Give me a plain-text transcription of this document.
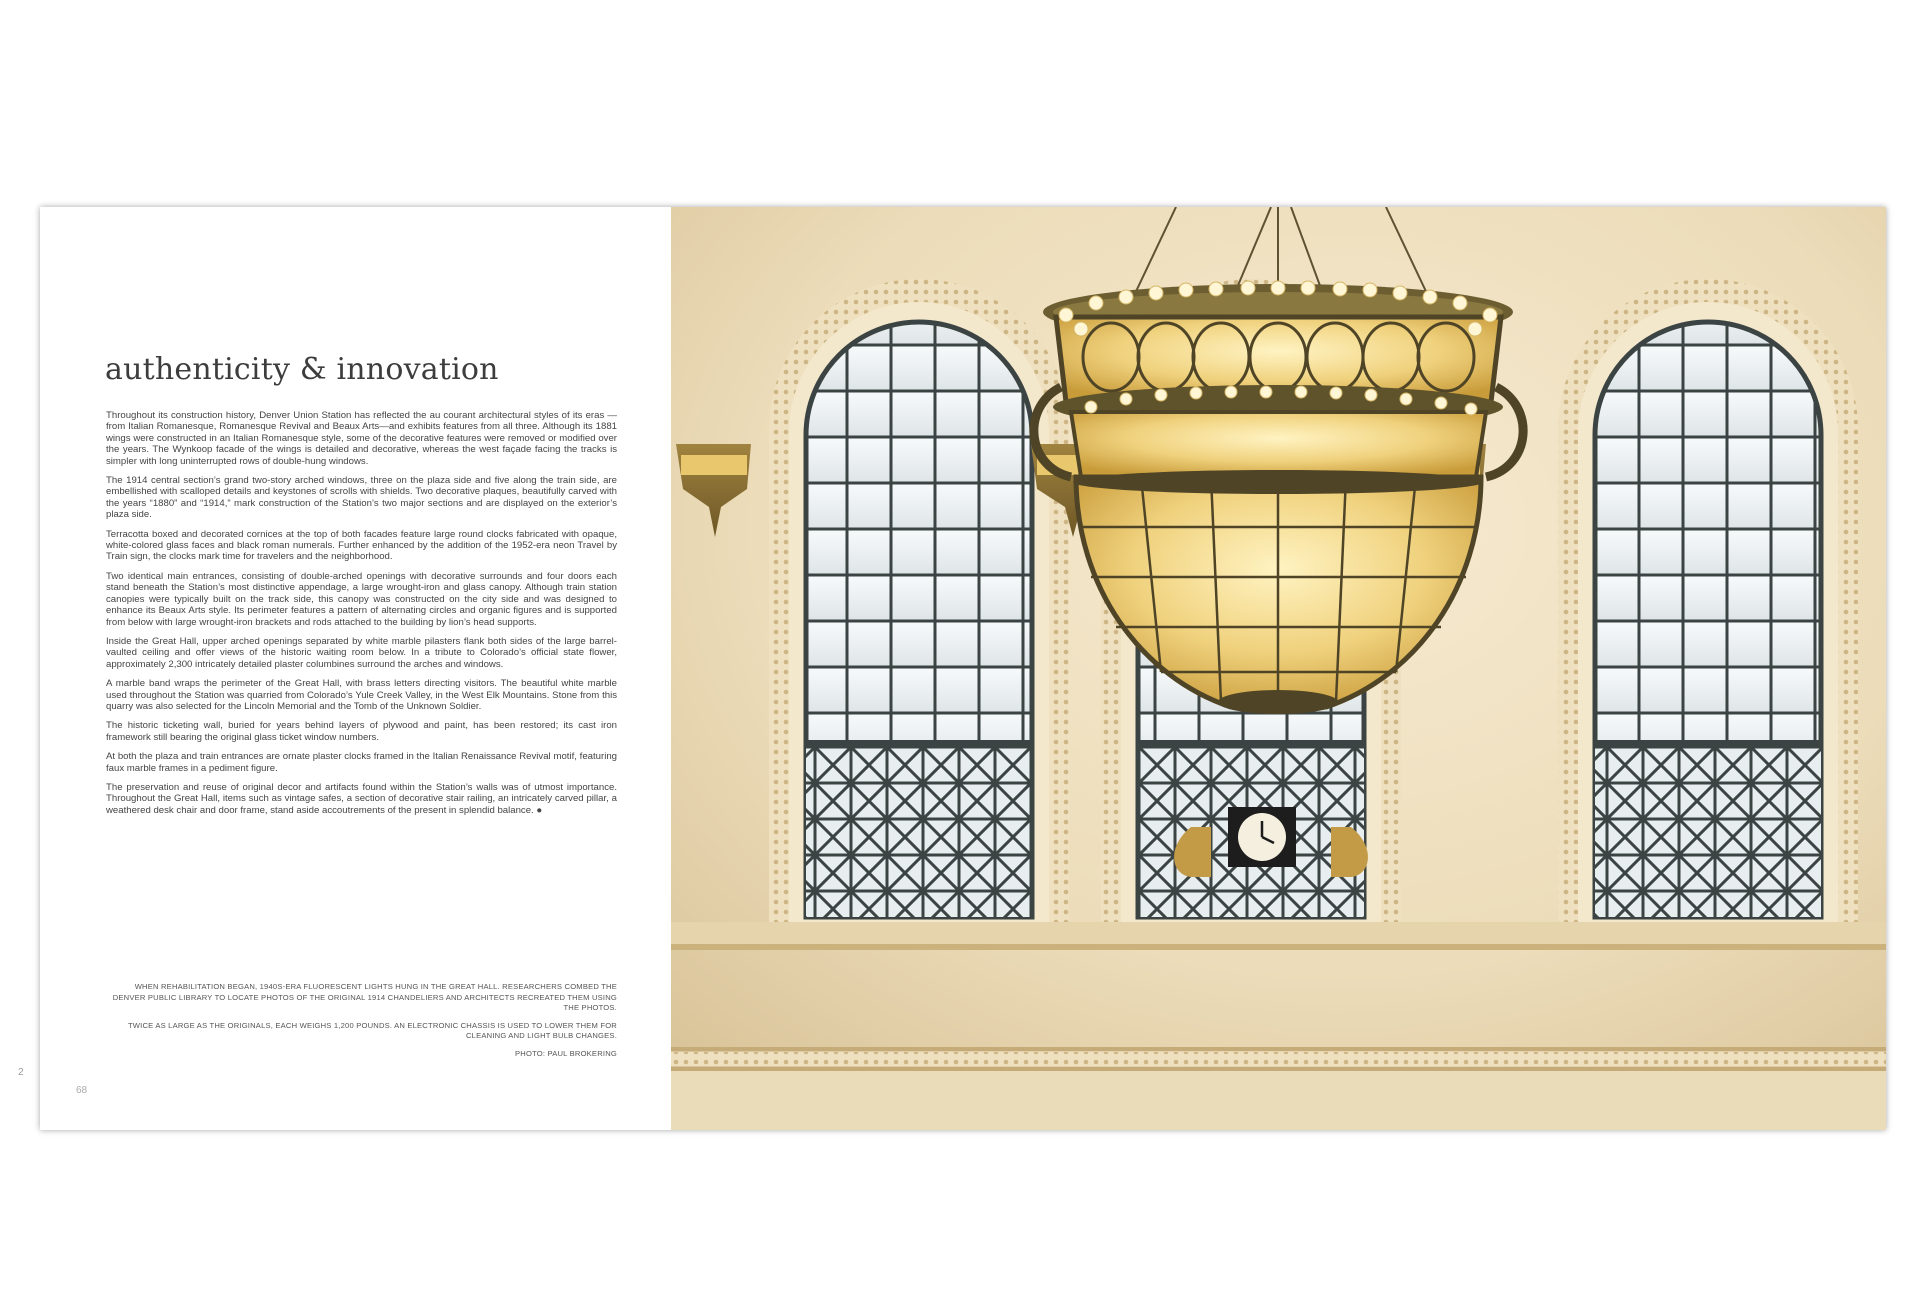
authenticity & innovation

Throughout its construction history, Denver Union Station has reflected the au courant architectural styles of its eras — from Italian Romanesque, Romanesque Revival and Beaux Arts—and exhibits features from all three. Although its 1881 wings were constructed in an Italian Romanesque style, some of the decorative features were removed or modified over the years. The Wynkoop facade of the wings is detailed and decorative, whereas the west façade facing the tracks is simpler with long uninterrupted rows of double-hung windows.

The 1914 central section’s grand two-story arched windows, three on the plaza side and five along the train side, are embellished with scalloped details and keystones of scrolls with shields. Two decorative plaques, beautifully carved with the years “1880” and “1914,” mark construction of the Station’s two major sections and are displayed on the exterior’s plaza side.

Terracotta boxed and decorated cornices at the top of both facades feature large round clocks fabricated with opaque, white-colored glass faces and black roman numerals. Further enhanced by the addition of the 1952-era neon Travel by Train sign, the clocks mark time for travelers and the neighborhood.

Two identical main entrances, consisting of double-arched openings with decorative surrounds and four doors each stand beneath the Station’s most distinctive appendage, a large wrought-iron and glass canopy. Although train station canopies were typically built on the track side, this canopy was constructed on the city side and was designed to enhance its Beaux Arts style. Its perimeter features a pattern of alternating circles and organic figures and is supported from below with large wrought-iron brackets and rods attached to the building by lion’s head supports.

Inside the Great Hall, upper arched openings separated by white marble pilasters flank both sides of the large barrel-vaulted ceiling and offer views of the historic waiting room below. In a tribute to Colorado’s official state flower, approximately 2,300 intricately detailed plaster columbines surround the arches and windows.

A marble band wraps the perimeter of the Great Hall, with brass letters directing visitors. The beautiful white marble used throughout the Station was quarried from Colorado’s Yule Creek Valley, in the West Elk Mountains. Stone from this quarry was also selected for the Lincoln Memorial and the Tomb of the Unknown Soldier.

The historic ticketing wall, buried for years behind layers of plywood and paint, has been restored; its cast iron framework still bearing the original glass ticket window numbers.

At both the plaza and train entrances are ornate plaster clocks framed in the Italian Renaissance Revival motif, featuring faux marble frames in a pediment figure.

The preservation and reuse of original decor and artifacts found within the Station’s walls was of utmost importance. Throughout the Great Hall, items such as vintage safes, a section of decorative stair railing, an intricately carved pillar, a weathered desk chair and door frame, stand aside accoutrements of the present in splendid balance. ●

WHEN REHABILITATION BEGAN, 1940S-ERA FLUORESCENT LIGHTS HUNG IN THE GREAT HALL. RESEARCHERS COMBED THE DENVER PUBLIC LIBRARY TO LOCATE PHOTOS OF THE ORIGINAL 1914 CHANDELIERS AND ARCHITECTS RECREATED THEM USING THE PHOTOS.

TWICE AS LARGE AS THE ORIGINALS, EACH WEIGHS 1,200 POUNDS. AN ELECTRONIC CHASSIS IS USED TO LOWER THEM FOR CLEANING AND LIGHT BULB CHANGES.

PHOTO: PAUL BROKERING

2
68
